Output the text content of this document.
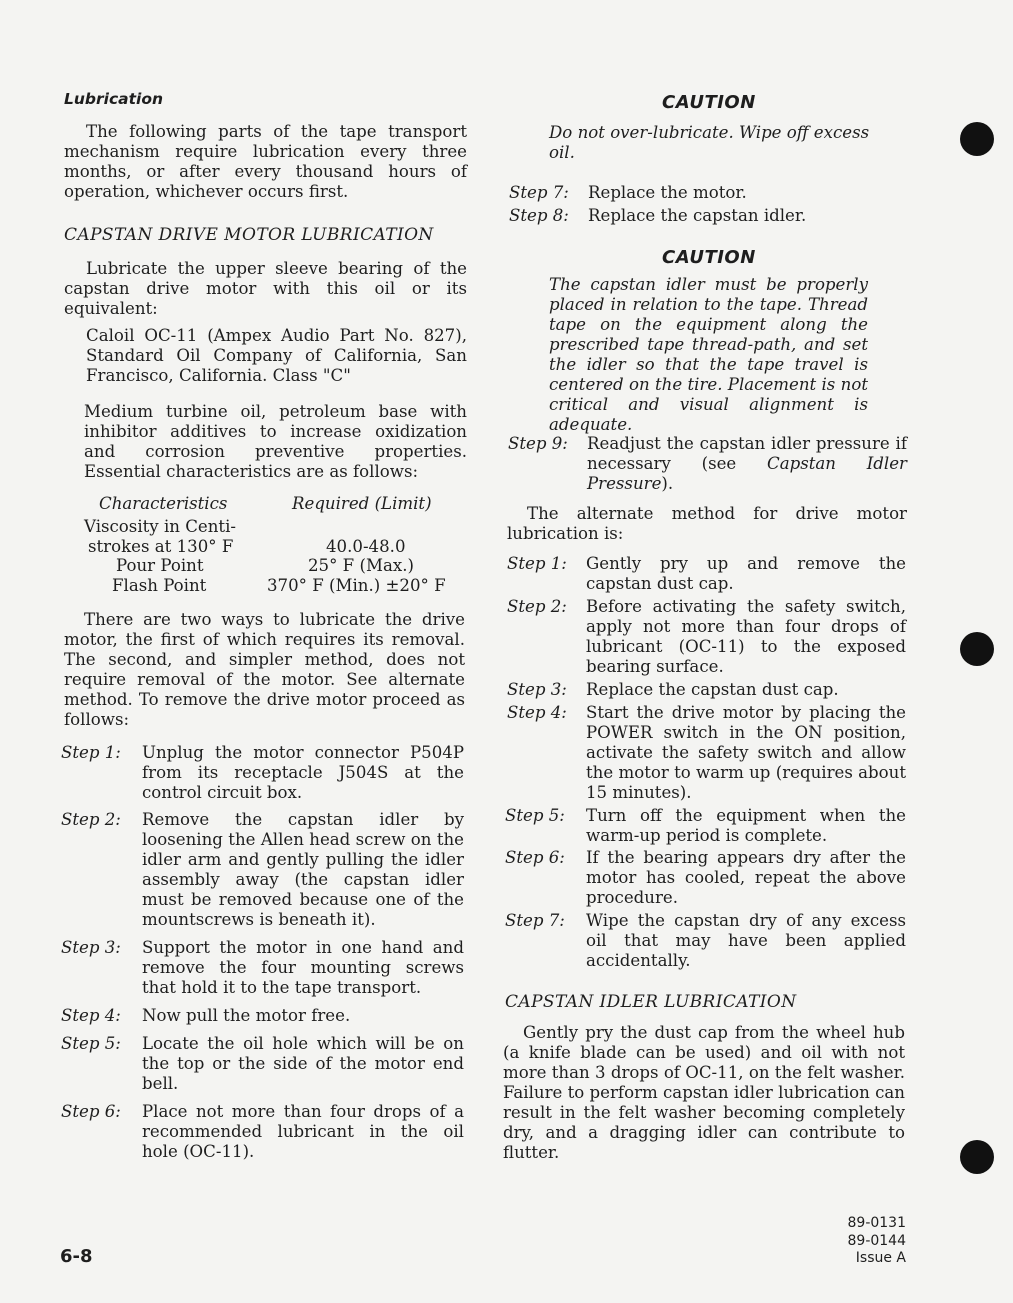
Lubrication
The following parts of the tape transport mechanism require lubrication every three months, or after every thousand hours of operation, whichever occurs first.
CAPSTAN DRIVE MOTOR LUBRICATION
Lubricate the upper sleeve bearing of the capstan drive motor with this oil or its equivalent:
Caloil OC-11 (Ampex Audio Part No. 827), Standard Oil Company of California, San Francisco, California. Class "C"
Medium turbine oil, petroleum base with inhibitor additives to increase oxidization and corrosion preventive properties. Essential characteristics are as follows:
Characteristics	Required (Limit)
Viscosity in Centi-
strokes at 130° F	40.0-48.0
Pour Point	25° F (Max.)
Flash Point	370° F (Min.) ±20° F
There are two ways to lubricate the drive motor, the first of which requires its removal. The second, and simpler method, does not require removal of the motor. See alternate method. To remove the drive motor proceed as follows:
Step 1: Unplug the motor connector P504P from its receptacle J504S at the control circuit box.
Step 2: Remove the capstan idler by loosening the Allen head screw on the idler arm and gently pulling the idler assembly away (the capstan idler must be removed because one of the mountscrews is beneath it).
Step 3: Support the motor in one hand and remove the four mounting screws that hold it to the tape transport.
Step 4: Now pull the motor free.
Step 5: Locate the oil hole which will be on the top or the side of the motor end bell.
Step 6: Place not more than four drops of a recommended lubricant in the oil hole (OC-11).
CAUTION
Do not over-lubricate. Wipe off excess oil.
Step 7: Replace the motor.
Step 8: Replace the capstan idler.
CAUTION
The capstan idler must be properly placed in relation to the tape. Thread tape on the equipment along the prescribed tape thread-path, and set the idler so that the tape travel is centered on the tire. Placement is not critical and visual alignment is adequate.
Step 9: Readjust the capstan idler pressure if necessary (see Capstan Idler Pressure).
The alternate method for drive motor lubrication is:
Step 1: Gently pry up and remove the capstan dust cap.
Step 2: Before activating the safety switch, apply not more than four drops of lubricant (OC-11) to the exposed bearing surface.
Step 3: Replace the capstan dust cap.
Step 4: Start the drive motor by placing the POWER switch in the ON position, activate the safety switch and allow the motor to warm up (requires about 15 minutes).
Step 5: Turn off the equipment when the warm-up period is complete.
Step 6: If the bearing appears dry after the motor has cooled, repeat the above procedure.
Step 7: Wipe the capstan dry of any excess oil that may have been applied accidentally.
CAPSTAN IDLER LUBRICATION
Gently pry the dust cap from the wheel hub (a knife blade can be used) and oil with not more than 3 drops of OC-11, on the felt washer. Failure to perform capstan idler lubrication can result in the felt washer becoming completely dry, and a dragging idler can contribute to flutter.
6-8
89-0131
89-0144
Issue A
